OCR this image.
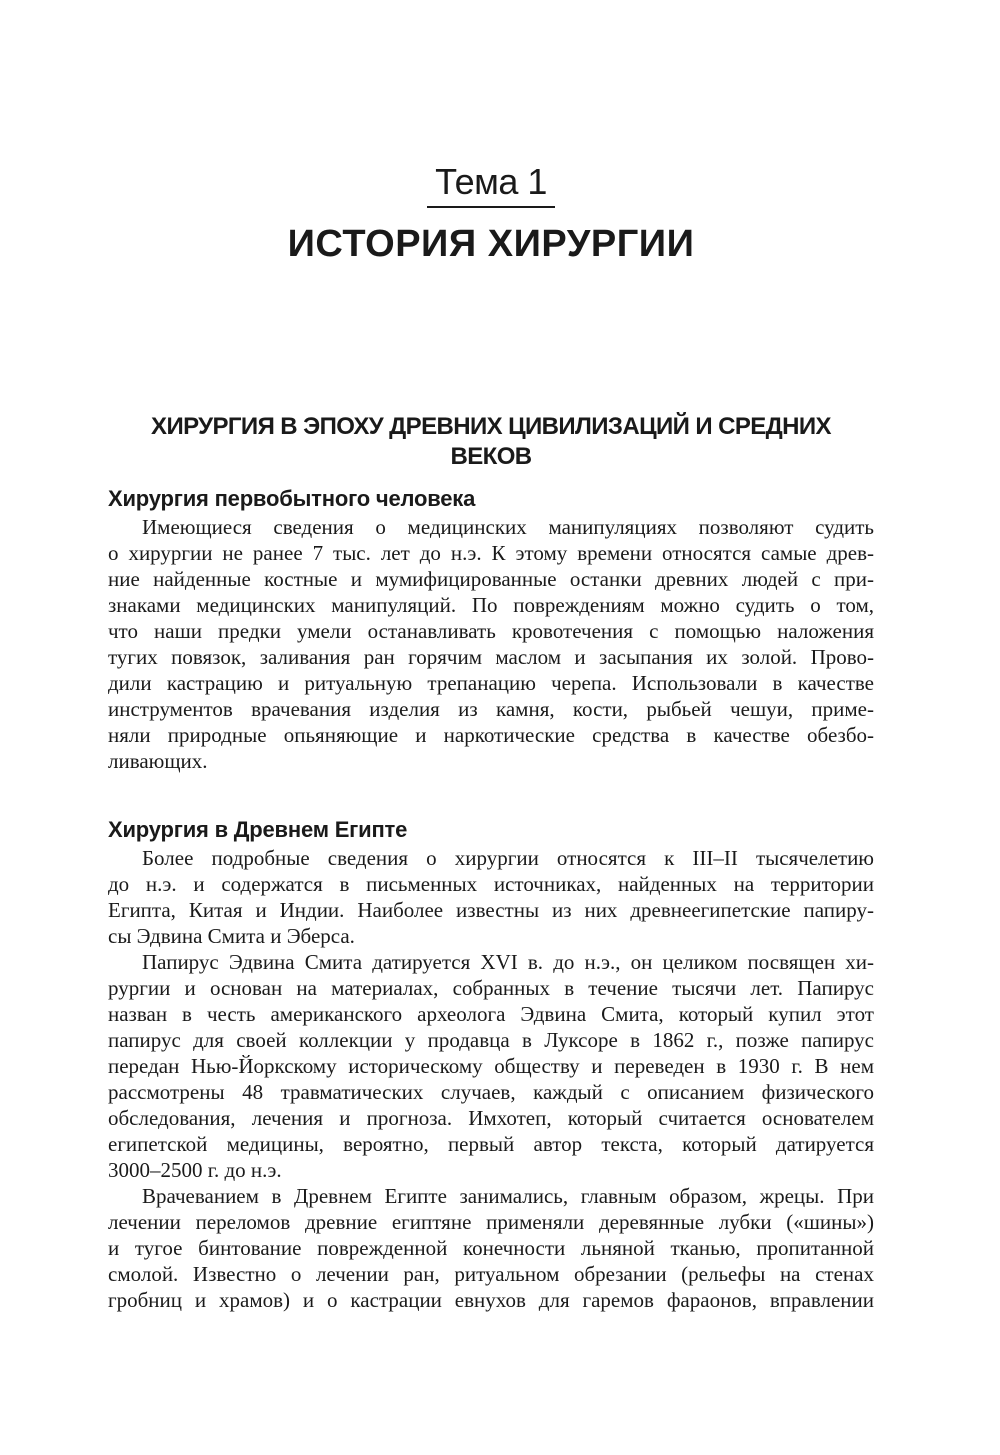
Тема 1
ИСТОРИЯ ХИРУРГИИ
ХИРУРГИЯ В ЭПОХУ ДРЕВНИХ ЦИВИЛИЗАЦИЙ И СРЕДНИХ ВЕКОВ
Хирургия первобытного человека
Имеющиеся сведения о медицинских манипуляциях позволяют судить
о хирургии не ранее 7 тыс. лет до н.э. К этому времени относятся самые древ-
ние найденные костные и мумифицированные останки древних людей с при-
знаками медицинских манипуляций. По повреждениям можно судить о том,
что наши предки умели останавливать кровотечения с помощью наложения
тугих повязок, заливания ран горячим маслом и засыпания их золой. Прово-
дили кастрацию и ритуальную трепанацию черепа. Использовали в качестве
инструментов врачевания изделия из камня, кости, рыбьей чешуи, приме-
няли природные опьяняющие и наркотические средства в качестве обезбо-
ливающих.
Хирургия в Древнем Египте
Более подробные сведения о хирургии относятся к III–II тысячелетию
до н.э. и содержатся в письменных источниках, найденных на территории
Египта, Китая и Индии. Наиболее известны из них древнеегипетские папиру-
сы Эдвина Смита и Эберса.
Папирус Эдвина Смита датируется XVI в. до н.э., он целиком посвящен хи-
рургии и основан на материалах, собранных в течение тысячи лет. Папирус
назван в честь американского археолога Эдвина Смита, который купил этот
папирус для своей коллекции у продавца в Луксоре в 1862 г., позже папирус
передан Нью-Йоркскому историческому обществу и переведен в 1930 г. В нем
рассмотрены 48 травматических случаев, каждый с описанием физического
обследования, лечения и прогноза. Имхотеп, который считается основателем
египетской медицины, вероятно, первый автор текста, который датируется
3000–2500 г. до н.э.
Врачеванием в Древнем Египте занимались, главным образом, жрецы. При
лечении переломов древние египтяне применяли деревянные лубки («шины»)
и тугое бинтование поврежденной конечности льняной тканью, пропитанной
смолой. Известно о лечении ран, ритуальном обрезании (рельефы на стенах
гробниц и храмов) и о кастрации евнухов для гаремов фараонов, вправлении
